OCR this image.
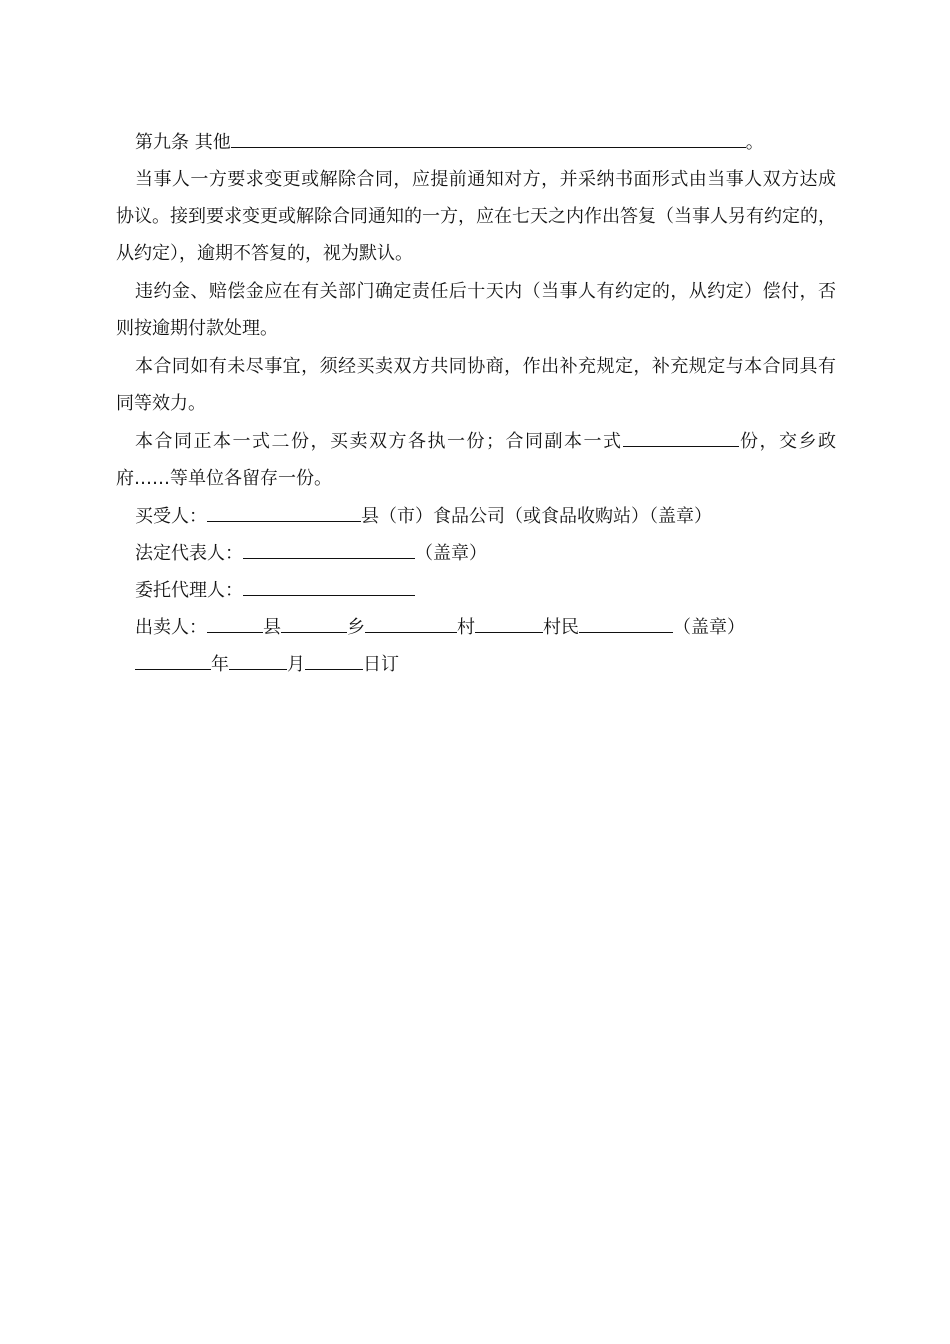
第九条 其他	。

当事人一方要求变更或解除合同，应提前通知对方，并采纳书面形式由当事人双方达成协议。接到要求变更或解除合同通知的一方，应在七天之内作出答复（当事人另有约定的，从约定），逾期不答复的，视为默认。

违约金、赔偿金应在有关部门确定责任后十天内（当事人有约定的，从约定）偿付，否则按逾期付款处理。

本合同如有未尽事宜，须经买卖双方共同协商，作出补充规定，补充规定与本合同具有同等效力。

本合同正本一式二份，买卖双方各执一份；合同副本一式	份，交乡政府……等单位各留存一份。

买受人：	县（市）食品公司（或食品收购站）（盖章）

法定代表人：	（盖章）

委托代理人：

出卖人：	县	乡	村	村民	（盖章）

年	月	日订
